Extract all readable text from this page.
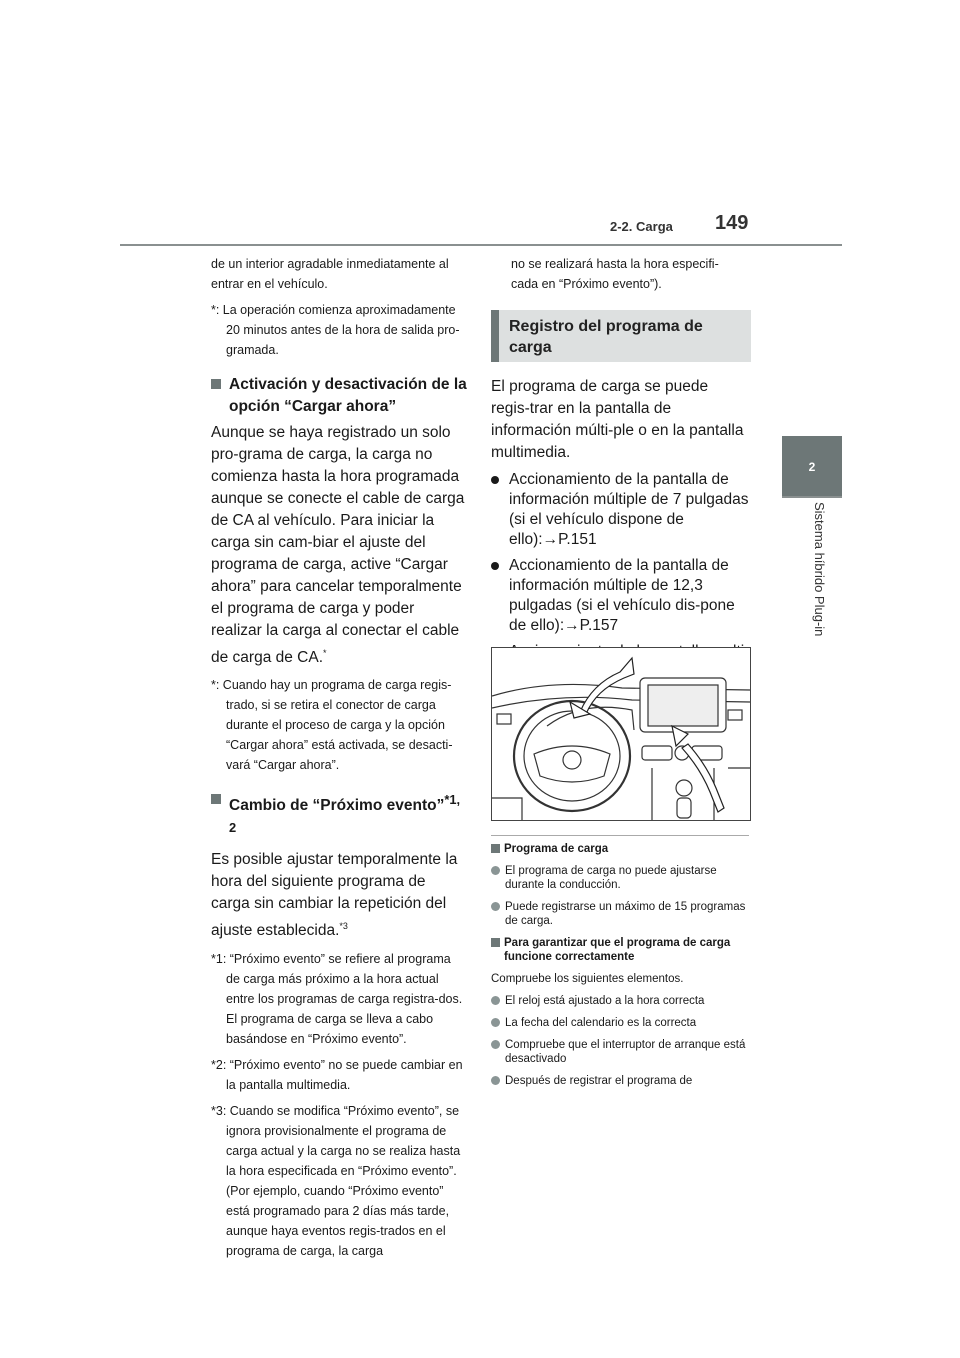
2-2. Carga 149
2
Sistema híbrido Plug-in

de un interior agradable inmediatamente al

entrar en el vehículo.

*: La operación comienza aproximadamente 20 minutos antes de la hora de salida pro-gramada.

Activación y desactivación de la opción “Cargar ahora”

Aunque se haya registrado un solo pro-grama de carga, la carga no comienza hasta la hora programada aunque se conecte el cable de carga de CA al vehículo. Para iniciar la carga sin cam-biar el ajuste del programa de carga, active “Cargar ahora” para cancelar temporalmente el programa de carga y poder realizar la carga al conectar el cable de carga de CA.*

*: Cuando hay un programa de carga regis-trado, si se retira el conector de carga durante el proceso de carga y la opción “Cargar ahora” está activada, se desacti-vará “Cargar ahora”.

Cambio de “Próximo evento”$^{*1, 2}$

Es posible ajustar temporalmente la hora del siguiente programa de carga sin cambiar la repetición del ajuste establecida.$^{*3}$

*1: “Próximo evento” se refiere al programa de carga más próximo a la hora actual entre los programas de carga registra-dos. El programa de carga se lleva a cabo basándose en “Próximo evento”.

*2: “Próximo evento” no se puede cambiar en la pantalla multimedia.

*3: Cuando se modifica “Próximo evento”, se ignora provisionalmente el programa de carga actual y la carga no se realiza hasta la hora especificada en “Próximo evento”. (Por ejemplo, cuando “Próximo evento” está programado para 2 días más tarde, aunque haya eventos regis-trados en el programa de carga, la carga

no se realizará hasta la hora especifi-

cada en “Próximo evento”).

Registro del programa de
carga

El programa de carga se puede regis-trar en la pantalla de información múlti-ple o en la pantalla multimedia.

Accionamiento de la pantalla de información múltiple de 7 pulgadas (si el vehículo dispone de ello):→P.151
Accionamiento de la pantalla de información múltiple de 12,3 pulgadas (si el vehículo dis-pone de ello):→P.157
Programa de carga
El programa de carga no puede ajustarse durante la conducción.
Puede registrarse un máximo de 15 programas de carga.
Para garantizar que el programa de carga funcione correctamente

Compruebe los siguientes elementos.

El reloj está ajustado a la hora correcta
La fecha del calendario es la correcta
Compruebe que el interruptor de arranque está desactivado
Después de registrar el programa de
